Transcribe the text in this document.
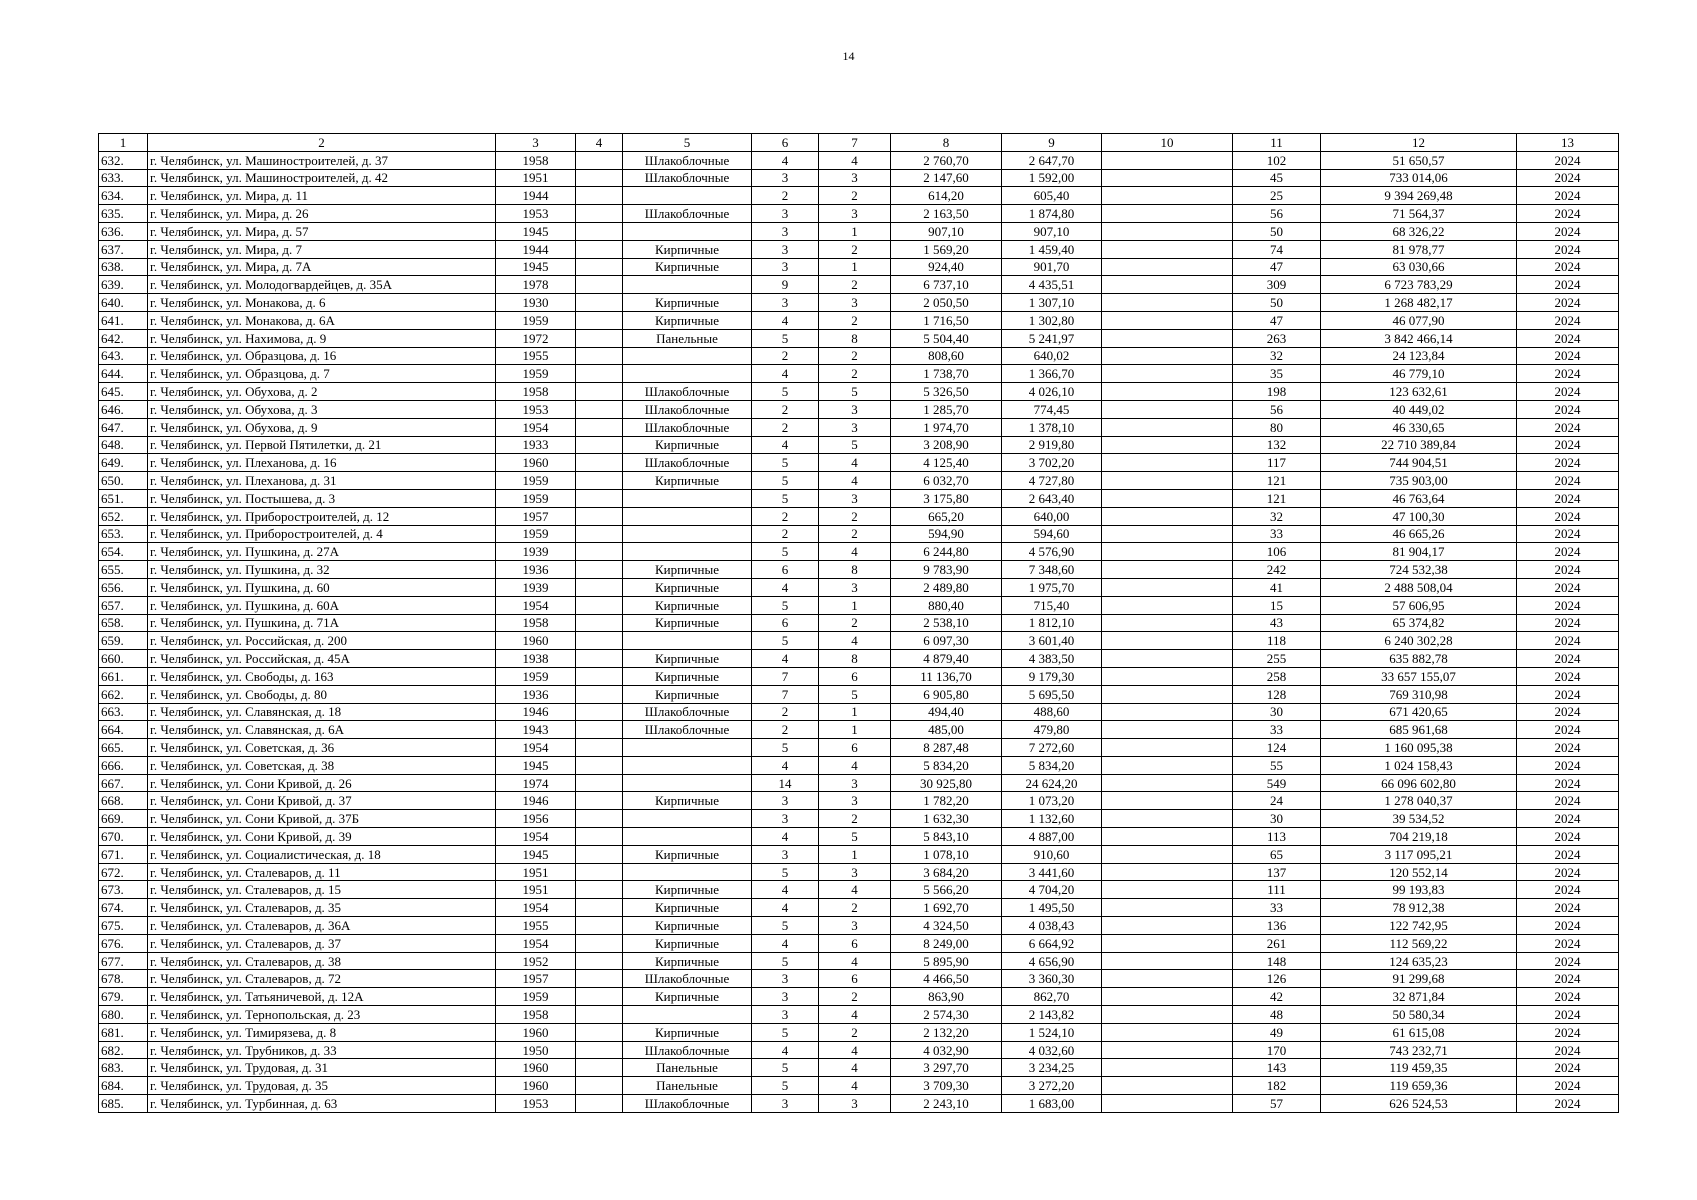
14
1	2	3	4	5	6	7	8	9	10	11	12	13
632.	г. Челябинск, ул. Машиностроителей, д. 37	1958		Шлакоблочные	4	4	2 760,70	2 647,70		102	51 650,57	2024
633.	г. Челябинск, ул. Машиностроителей, д. 42	1951		Шлакоблочные	3	3	2 147,60	1 592,00		45	733 014,06	2024
634.	г. Челябинск, ул. Мира, д. 11	1944			2	2	614,20	605,40		25	9 394 269,48	2024
635.	г. Челябинск, ул. Мира, д. 26	1953		Шлакоблочные	3	3	2 163,50	1 874,80		56	71 564,37	2024
636.	г. Челябинск, ул. Мира, д. 57	1945			3	1	907,10	907,10		50	68 326,22	2024
637.	г. Челябинск, ул. Мира, д. 7	1944		Кирпичные	3	2	1 569,20	1 459,40		74	81 978,77	2024
638.	г. Челябинск, ул. Мира, д. 7А	1945		Кирпичные	3	1	924,40	901,70		47	63 030,66	2024
639.	г. Челябинск, ул. Молодогвардейцев, д. 35А	1978			9	2	6 737,10	4 435,51		309	6 723 783,29	2024
640.	г. Челябинск, ул. Монакова, д. 6	1930		Кирпичные	3	3	2 050,50	1 307,10		50	1 268 482,17	2024
641.	г. Челябинск, ул. Монакова, д. 6А	1959		Кирпичные	4	2	1 716,50	1 302,80		47	46 077,90	2024
642.	г. Челябинск, ул. Нахимова, д. 9	1972		Панельные	5	8	5 504,40	5 241,97		263	3 842 466,14	2024
643.	г. Челябинск, ул. Образцова, д. 16	1955			2	2	808,60	640,02		32	24 123,84	2024
644.	г. Челябинск, ул. Образцова, д. 7	1959			4	2	1 738,70	1 366,70		35	46 779,10	2024
645.	г. Челябинск, ул. Обухова, д. 2	1958		Шлакоблочные	5	5	5 326,50	4 026,10		198	123 632,61	2024
646.	г. Челябинск, ул. Обухова, д. 3	1953		Шлакоблочные	2	3	1 285,70	774,45		56	40 449,02	2024
647.	г. Челябинск, ул. Обухова, д. 9	1954		Шлакоблочные	2	3	1 974,70	1 378,10		80	46 330,65	2024
648.	г. Челябинск, ул. Первой Пятилетки, д. 21	1933		Кирпичные	4	5	3 208,90	2 919,80		132	22 710 389,84	2024
649.	г. Челябинск, ул. Плеханова, д. 16	1960		Шлакоблочные	5	4	4 125,40	3 702,20		117	744 904,51	2024
650.	г. Челябинск, ул. Плеханова, д. 31	1959		Кирпичные	5	4	6 032,70	4 727,80		121	735 903,00	2024
651.	г. Челябинск, ул. Постышева, д. 3	1959			5	3	3 175,80	2 643,40		121	46 763,64	2024
652.	г. Челябинск, ул. Приборостроителей, д. 12	1957			2	2	665,20	640,00		32	47 100,30	2024
653.	г. Челябинск, ул. Приборостроителей, д. 4	1959			2	2	594,90	594,60		33	46 665,26	2024
654.	г. Челябинск, ул. Пушкина, д. 27А	1939			5	4	6 244,80	4 576,90		106	81 904,17	2024
655.	г. Челябинск, ул. Пушкина, д. 32	1936		Кирпичные	6	8	9 783,90	7 348,60		242	724 532,38	2024
656.	г. Челябинск, ул. Пушкина, д. 60	1939		Кирпичные	4	3	2 489,80	1 975,70		41	2 488 508,04	2024
657.	г. Челябинск, ул. Пушкина, д. 60А	1954		Кирпичные	5	1	880,40	715,40		15	57 606,95	2024
658.	г. Челябинск, ул. Пушкина, д. 71А	1958		Кирпичные	6	2	2 538,10	1 812,10		43	65 374,82	2024
659.	г. Челябинск, ул. Российская, д. 200	1960			5	4	6 097,30	3 601,40		118	6 240 302,28	2024
660.	г. Челябинск, ул. Российская, д. 45А	1938		Кирпичные	4	8	4 879,40	4 383,50		255	635 882,78	2024
661.	г. Челябинск, ул. Свободы, д. 163	1959		Кирпичные	7	6	11 136,70	9 179,30		258	33 657 155,07	2024
662.	г. Челябинск, ул. Свободы, д. 80	1936		Кирпичные	7	5	6 905,80	5 695,50		128	769 310,98	2024
663.	г. Челябинск, ул. Славянская, д. 18	1946		Шлакоблочные	2	1	494,40	488,60		30	671 420,65	2024
664.	г. Челябинск, ул. Славянская, д. 6А	1943		Шлакоблочные	2	1	485,00	479,80		33	685 961,68	2024
665.	г. Челябинск, ул. Советская, д. 36	1954			5	6	8 287,48	7 272,60		124	1 160 095,38	2024
666.	г. Челябинск, ул. Советская, д. 38	1945			4	4	5 834,20	5 834,20		55	1 024 158,43	2024
667.	г. Челябинск, ул. Сони Кривой, д. 26	1974			14	3	30 925,80	24 624,20		549	66 096 602,80	2024
668.	г. Челябинск, ул. Сони Кривой, д. 37	1946		Кирпичные	3	3	1 782,20	1 073,20		24	1 278 040,37	2024
669.	г. Челябинск, ул. Сони Кривой, д. 37Б	1956			3	2	1 632,30	1 132,60		30	39 534,52	2024
670.	г. Челябинск, ул. Сони Кривой, д. 39	1954			4	5	5 843,10	4 887,00		113	704 219,18	2024
671.	г. Челябинск, ул. Социалистическая, д. 18	1945		Кирпичные	3	1	1 078,10	910,60		65	3 117 095,21	2024
672.	г. Челябинск, ул. Сталеваров, д. 11	1951			5	3	3 684,20	3 441,60		137	120 552,14	2024
673.	г. Челябинск, ул. Сталеваров, д. 15	1951		Кирпичные	4	4	5 566,20	4 704,20		111	99 193,83	2024
674.	г. Челябинск, ул. Сталеваров, д. 35	1954		Кирпичные	4	2	1 692,70	1 495,50		33	78 912,38	2024
675.	г. Челябинск, ул. Сталеваров, д. 36А	1955		Кирпичные	5	3	4 324,50	4 038,43		136	122 742,95	2024
676.	г. Челябинск, ул. Сталеваров, д. 37	1954		Кирпичные	4	6	8 249,00	6 664,92		261	112 569,22	2024
677.	г. Челябинск, ул. Сталеваров, д. 38	1952		Кирпичные	5	4	5 895,90	4 656,90		148	124 635,23	2024
678.	г. Челябинск, ул. Сталеваров, д. 72	1957		Шлакоблочные	3	6	4 466,50	3 360,30		126	91 299,68	2024
679.	г. Челябинск, ул. Татьяничевой, д. 12А	1959		Кирпичные	3	2	863,90	862,70		42	32 871,84	2024
680.	г. Челябинск, ул. Тернопольская, д. 23	1958			3	4	2 574,30	2 143,82		48	50 580,34	2024
681.	г. Челябинск, ул. Тимирязева, д. 8	1960		Кирпичные	5	2	2 132,20	1 524,10		49	61 615,08	2024
682.	г. Челябинск, ул. Трубников, д. 33	1950		Шлакоблочные	4	4	4 032,90	4 032,60		170	743 232,71	2024
683.	г. Челябинск, ул. Трудовая, д. 31	1960		Панельные	5	4	3 297,70	3 234,25		143	119 459,35	2024
684.	г. Челябинск, ул. Трудовая, д. 35	1960		Панельные	5	4	3 709,30	3 272,20		182	119 659,36	2024
685.	г. Челябинск, ул. Турбинная, д. 63	1953		Шлакоблочные	3	3	2 243,10	1 683,00		57	626 524,53	2024
